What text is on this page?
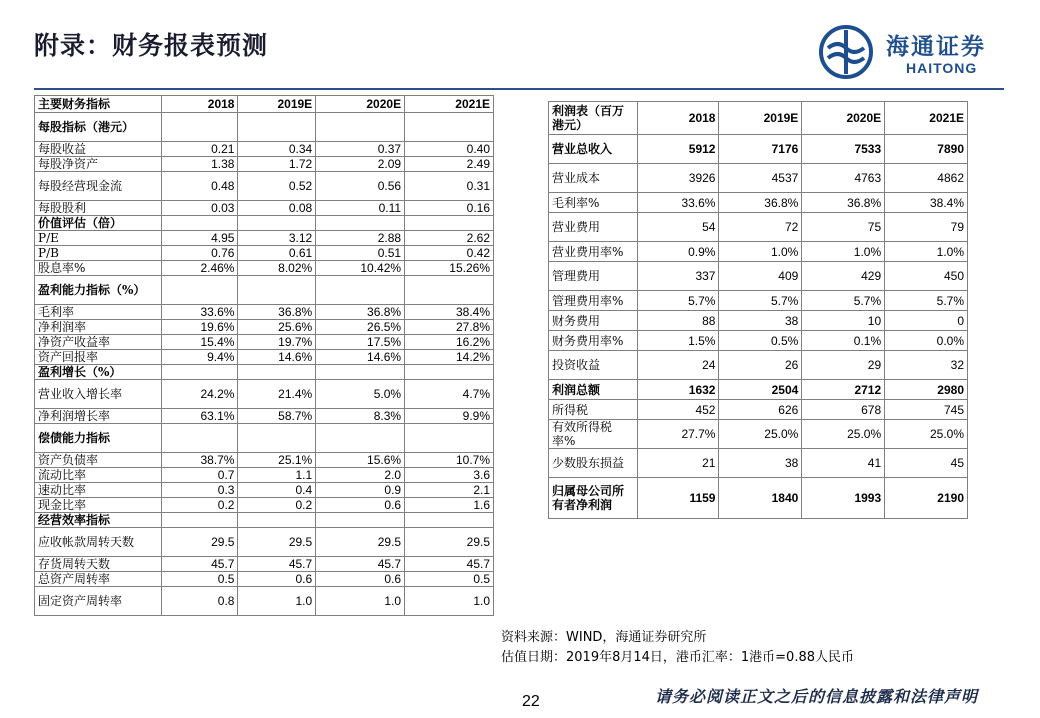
附录：财务报表预测	海通证券
HAITONG
主要财务指标	2018	2019E	2020E	2021E
每股指标（港元）				
每股收益	0.21	0.34	0.37	0.40
每股净资产	1.38	1.72	2.09	2.49
每股经营现金流	0.48	0.52	0.56	0.31
每股股利	0.03	0.08	0.11	0.16
价值评估（倍）				
P/E	4.95	3.12	2.88	2.62
P/B	0.76	0.61	0.51	0.42
股息率%	2.46%	8.02%	10.42%	15.26%
盈利能力指标（%）				
毛利率	33.6%	36.8%	36.8%	38.4%
净利润率	19.6%	25.6%	26.5%	27.8%
净资产收益率	15.4%	19.7%	17.5%	16.2%
资产回报率	9.4%	14.6%	14.6%	14.2%
盈利增长（%）				
营业收入增长率	24.2%	21.4%	5.0%	4.7%
净利润增长率	63.1%	58.7%	8.3%	9.9%
偿债能力指标				
资产负债率	38.7%	25.1%	15.6%	10.7%
流动比率	0.7	1.1	2.0	3.6
速动比率	0.3	0.4	0.9	2.1
现金比率	0.2	0.2	0.6	1.6
经营效率指标				
应收帐款周转天数	29.5	29.5	29.5	29.5
存货周转天数	45.7	45.7	45.7	45.7
总资产周转率	0.5	0.6	0.6	0.5
固定资产周转率	0.8	1.0	1.0	1.0
利润表（百万港元）	2018	2019E	2020E	2021E
营业总收入	5912	7176	7533	7890
营业成本	3926	4537	4763	4862
毛利率%	33.6%	36.8%	36.8%	38.4%
营业费用	54	72	75	79
营业费用率%	0.9%	1.0%	1.0%	1.0%
管理费用	337	409	429	450
管理费用率%	5.7%	5.7%	5.7%	5.7%
财务费用	88	38	10	0
财务费用率%	1.5%	0.5%	0.1%	0.0%
投资收益	24	26	29	32
利润总额	1632	2504	2712	2980
所得税	452	626	678	745
有效所得税率%	27.7%	25.0%	25.0%	25.0%
少数股东损益	21	38	41	45
归属母公司所有者净利润	1159	1840	1993	2190
资料来源：WIND，海通证券研究所
估值日期：2019年8月14日，港币汇率：1港币=0.88人民币
22	请务必阅读正文之后的信息披露和法律声明
